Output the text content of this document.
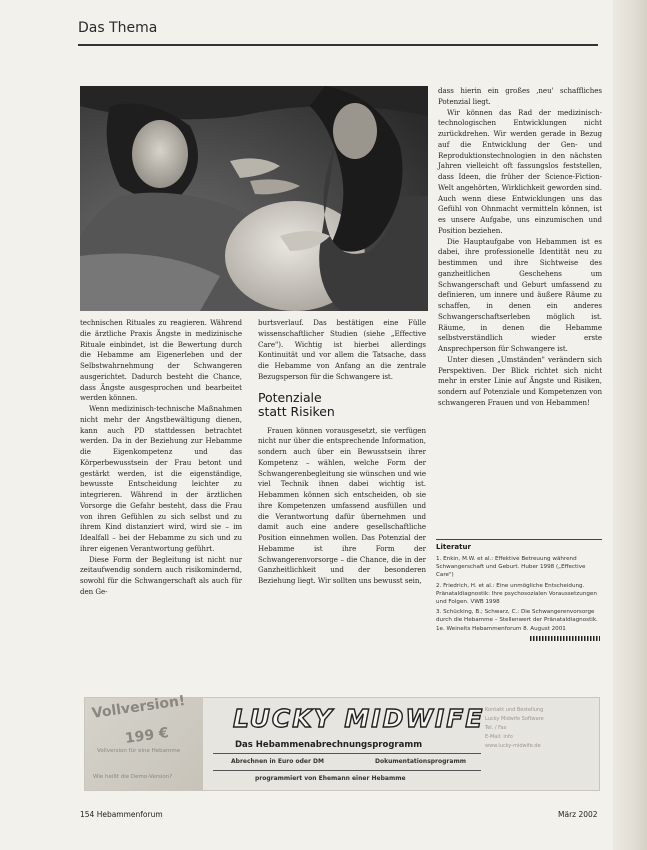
Das Thema

technischen Rituales zu reagieren. Während die ärztliche Praxis Ängste in medizinische Rituale einbindet, ist die Bewertung durch die Hebamme am Eigenerleben und der Selbstwahrnehmung der Schwangeren ausgerichtet. Dadurch besteht die Chance, dass Ängste ausgesprochen und bearbeitet werden können.

Wenn medizinisch-technische Maßnahmen nicht mehr der Angstbewältigung dienen, kann auch PD stattdessen betrachtet werden. Da in der Beziehung zur Hebamme die Eigenkompetenz und das Körperbewusstsein der Frau betont und gestärkt werden, ist die eigenständige, bewusste Entscheidung leichter zu integrieren. Während in der ärztlichen Vorsorge die Gefahr besteht, dass die Frau von ihren Gefühlen zu sich selbst und zu ihrem Kind distanziert wird, wird sie – im Idealfall – bei der Hebamme zu sich und zu ihrer eigenen Verantwortung geführt.

Diese Form der Begleitung ist nicht nur zeitaufwendig sondern auch risikomindernd, sowohl für die Schwangerschaft als auch für den Ge-

burtsverlauf. Das bestätigen eine Fülle wissenschaftlicher Studien (siehe „Effective Care"). Wichtig ist hierbei allerdings Kontinuität und vor allem die Tatsache, dass die Hebamme von Anfang an die zentrale Bezugsperson für die Schwangere ist.

Potenziale
statt Risiken

Frauen können vorausgesetzt, sie verfügen nicht nur über die entsprechende Information, sondern auch über ein Bewusstsein ihrer Kompetenz – wählen, welche Form der Schwangerenbegleitung sie wünschen und wie viel Technik ihnen dabei wichtig ist. Hebammen können sich entscheiden, ob sie ihre Kompetenzen umfassend ausfüllen und die Verantwortung dafür übernehmen und damit auch eine andere gesellschaftliche Position einnehmen wollen. Das Potenzial der Hebamme ist ihre Form der Schwangerenvorsorge – die Chance, die in der Ganzheitlichkeit und der besonderen Beziehung liegt. Wir sollten uns bewusst sein,

dass hierin ein großes ,neu' schaffliches Potenzial liegt.

Wir können das Rad der medizinisch-technologischen Entwicklungen nicht zurückdrehen. Wir werden gerade in Bezug auf die Entwicklung der Gen- und Reproduktionstechnologien in den nächsten Jahren vielleicht oft fassungslos feststellen, dass Ideen, die früher der Science-Fiction-Welt angehörten, Wirklichkeit geworden sind. Auch wenn diese Entwicklungen uns das Gefühl von Ohnmacht vermitteln können, ist es unsere Aufgabe, uns einzumischen und Position beziehen.

Die Hauptaufgabe von Hebammen ist es dabei, ihre professionelle Identität neu zu bestimmen und ihre Sichtweise des ganzheitlichen Geschehens um Schwangerschaft und Geburt umfassend zu definieren, um innere und äußere Räume zu schaffen, in denen ein anderes Schwangerschaftserleben möglich ist. Räume, in denen die Hebamme selbstverständlich wieder erste Ansprechperson für Schwangere ist.

Unter diesen „Umständen" verändern sich Perspektiven. Der Blick richtet sich nicht mehr in erster Linie auf Ängste und Risiken, sondern auf Potenziale und Kompetenzen von schwangeren Frauen und von Hebammen!

Literatur
1. Enkin, M.W. et al.: Effektive Betreuung während Schwangerschaft und Geburt. Huber 1998 („Effective Care")
2. Friedrich, H. et al.: Eine unmögliche Entscheidung. Pränataldiagnostik: Ihre psychosozialen Voraussetzungen und Folgen. VWB 1998
3. Schücking, B.; Schwarz, C.: Die Schwangerenvorsorge durch die Hebamme – Stellenwert der Pränataldiagnostik. 1e. Weinelts Hebammenforum 8. August 2001
Vollversion!
199 €
Vollversion für eine Hebamme
Wie heißt die Demo-Version?
LUCKY MIDWIFE
Das Hebammenabrechnungsprogramm
Abrechnen in Euro oder DM	Dokumentationsprogramm
programmiert von Ehemann einer Hebamme
Kontakt und Bestellung
Lucky Midwife Software
Tel. / Fax
E-Mail: info
www.lucky-midwife.de
154 Hebammenforum	März 2002
